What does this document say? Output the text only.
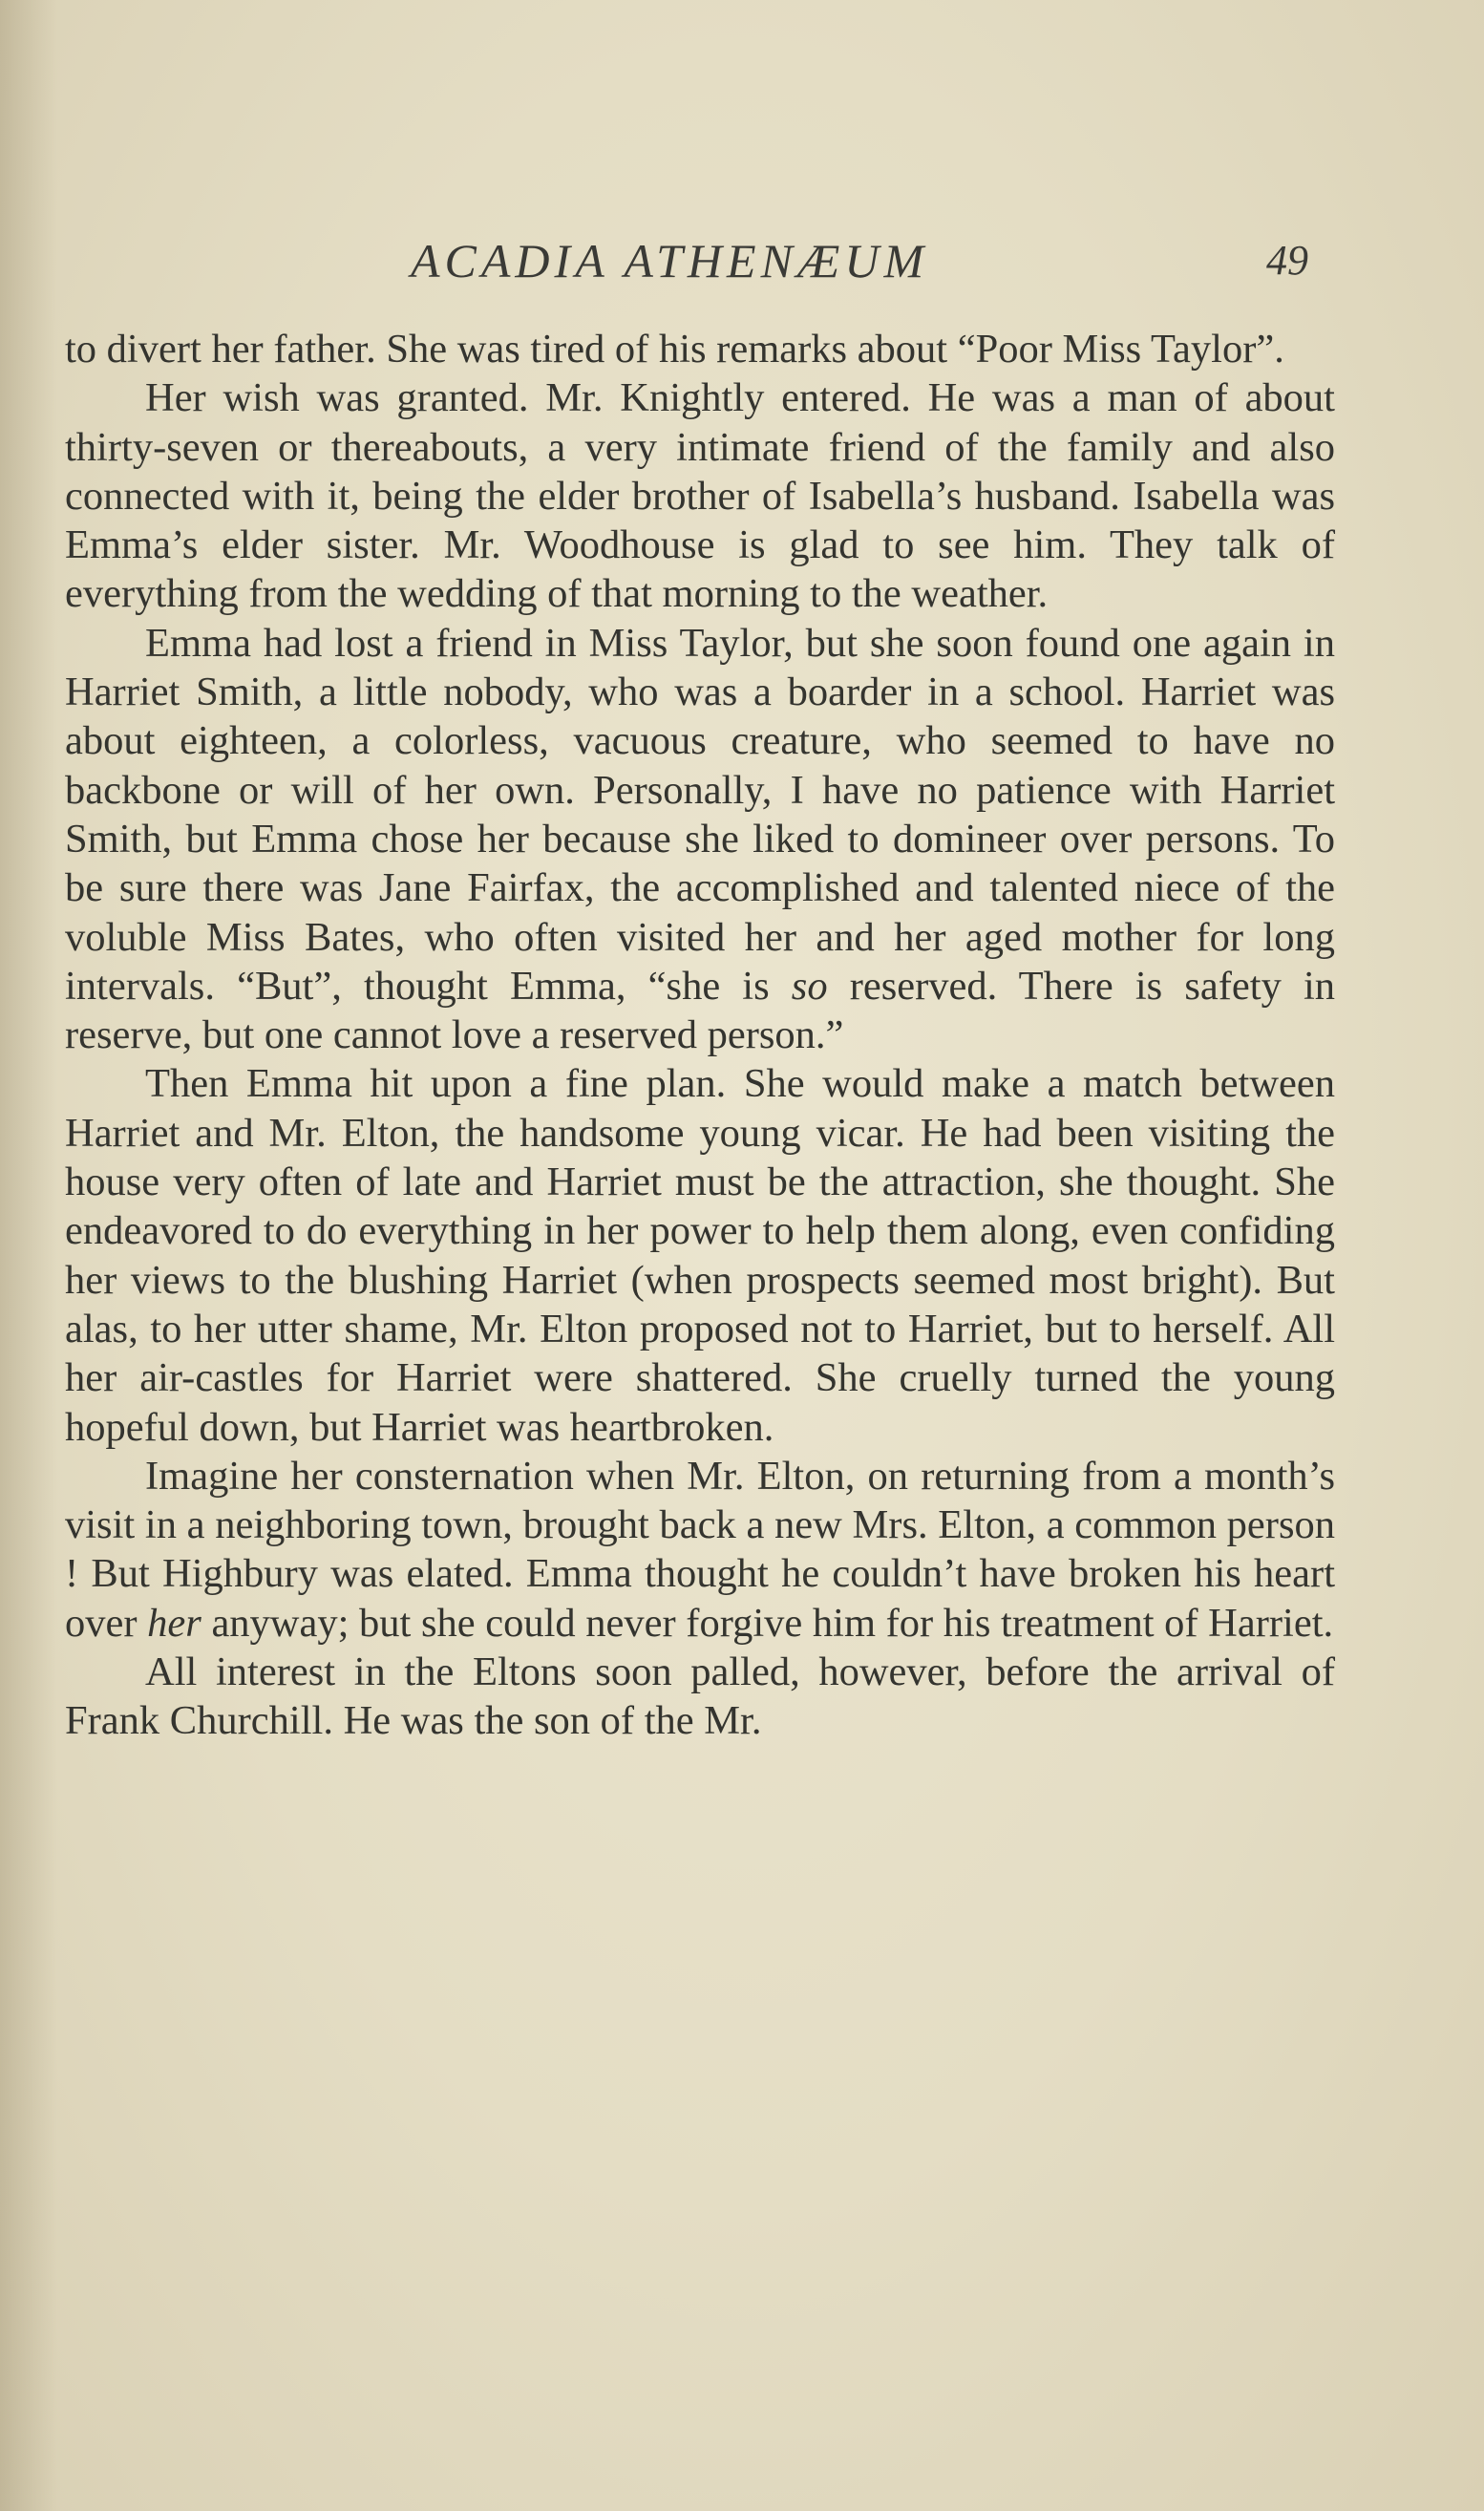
ACADIA ATHENÆUM	49

to divert her father. She was tired of his remarks about “Poor Miss Taylor”.

Her wish was granted. Mr. Knightly entered. He was a man of about thirty-seven or thereabouts, a very intimate friend of the family and also connected with it, being the elder brother of Isabella’s husband. Isabella was Emma’s elder sister. Mr. Woodhouse is glad to see him. They talk of everything from the wedding of that morning to the weather.

Emma had lost a friend in Miss Taylor, but she soon found one again in Harriet Smith, a little nobody, who was a boarder in a school. Harriet was about eighteen, a colorless, vacuous creature, who seemed to have no backbone or will of her own. Personally, I have no patience with Harriet Smith, but Emma chose her because she liked to domineer over persons. To be sure there was Jane Fairfax, the accomplished and talented niece of the voluble Miss Bates, who often visited her and her aged mother for long intervals. “But”, thought Emma, “she is so reserved. There is safety in reserve, but one cannot love a reserved person.”

Then Emma hit upon a fine plan. She would make a match between Harriet and Mr. Elton, the handsome young vicar. He had been visiting the house very often of late and Harriet must be the attraction, she thought. She endeavored to do everything in her power to help them along, even confiding her views to the blushing Harriet (when prospects seemed most bright). But alas, to her utter shame, Mr. Elton proposed not to Harriet, but to herself. All her air-castles for Harriet were shattered. She cruelly turned the young hopeful down, but Harriet was heartbroken.

Imagine her consternation when Mr. Elton, on returning from a month’s visit in a neighboring town, brought back a new Mrs. Elton, a common person ! But Highbury was elated. Emma thought he couldn’t have broken his heart over her anyway; but she could never forgive him for his treatment of Harriet.

All interest in the Eltons soon palled, however, before the arrival of Frank Churchill. He was the son of the Mr.
